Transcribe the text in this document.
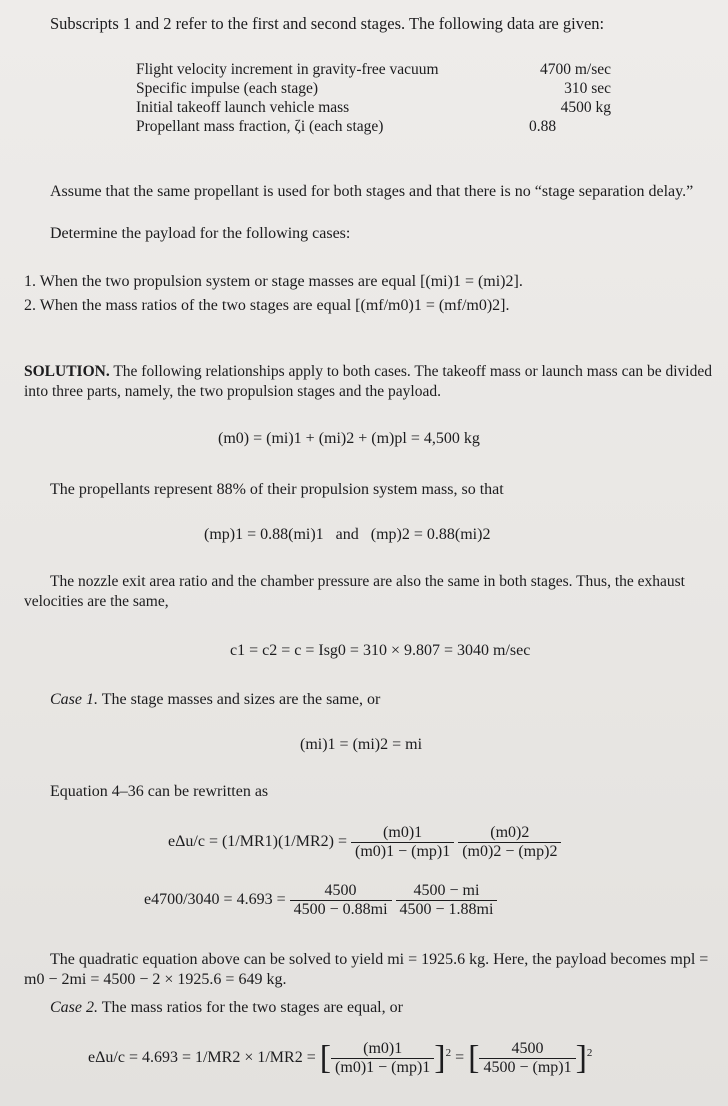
Subscripts 1 and 2 refer to the first and second stages. The following data are given:

Flight velocity increment in gravity-free vacuum	4700 m/sec
Specific impulse (each stage)	310 sec
Initial takeoff launch vehicle mass	4500 kg
Propellant mass fraction, ζi (each stage)	0.88

Assume that the same propellant is used for both stages and that there is no “stage separation delay.”

Determine the payload for the following cases:

1. When the two propulsion system or stage masses are equal [(mi)1 = (mi)2].

2. When the mass ratios of the two stages are equal [(mf/m0)1 = (mf/m0)2].

SOLUTION. The following relationships apply to both cases. The takeoff mass or launch mass can be divided into three parts, namely, the two propulsion stages and the payload.

(m0) = (mi)1 + (mi)2 + (m)pl = 4,500 kg

The propellants represent 88% of their propulsion system mass, so that

(mp)1 = 0.88(mi)1   and   (mp)2 = 0.88(mi)2

The nozzle exit area ratio and the chamber pressure are also the same in both stages. Thus, the exhaust velocities are the same,

c1 = c2 = c = Isg0 = 310 × 9.807 = 3040 m/sec

Case 1. The stage masses and sizes are the same, or

(mi)1 = (mi)2 = mi

Equation 4–36 can be rewritten as

$e\Delta u/c = (1/MR1)(1/MR2) = \frac{(m0)1}{(m0)1 - (mp)1}$
$\frac{(m0)2}{(m0)2 - (mp)2}$
$e4700/3040 = 4.693 = \frac{4500}{4500 - 0.88mi}$
$\frac{4500 - mi}{4500 - 1.88mi}$

The quadratic equation above can be solved to yield mi = 1925.6 kg. Here, the payload becomes mpl = m0 − 2mi = 4500 − 2 × 1925.6 = 649 kg.

Case 2. The mass ratios for the two stages are equal, or

eΔu/c = 4.693 = 1/MR2 × 1/MR2 = [ $\frac{(m0)1}{(m0)1 - (mp)1} ]^2$ = [ $\frac{4500}{4500 - (mp)1} ]^2$
